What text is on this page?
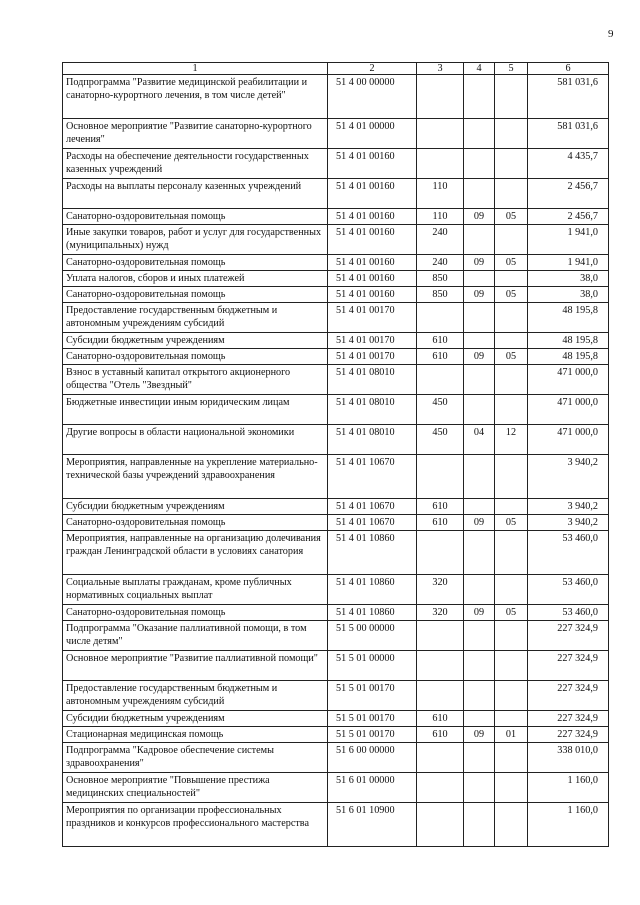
9
1	2	3	4	5	6
Подпрограмма "Развитие медицинской реабилитации и санаторно-курортного лечения, в том числе детей"	51 4 00 00000				581 031,6
Основное мероприятие "Развитие санаторно-курортного лечения"	51 4 01 00000				581 031,6
Расходы на обеспечение деятельности государственных казенных учреждений	51 4 01 00160				4 435,7
Расходы на выплаты персоналу казенных учреждений	51 4 01 00160	110			2 456,7
Санаторно-оздоровительная помощь	51 4 01 00160	110	09	05	2 456,7
Иные закупки товаров, работ и услуг для государственных (муниципальных) нужд	51 4 01 00160	240			1 941,0
Санаторно-оздоровительная помощь	51 4 01 00160	240	09	05	1 941,0
Уплата налогов, сборов и иных платежей	51 4 01 00160	850			38,0
Санаторно-оздоровительная помощь	51 4 01 00160	850	09	05	38,0
Предоставление государственным бюджетным и автономным учреждениям субсидий	51 4 01 00170				48 195,8
Субсидии бюджетным учреждениям	51 4 01 00170	610			48 195,8
Санаторно-оздоровительная помощь	51 4 01 00170	610	09	05	48 195,8
Взнос в уставный капитал открытого акционерного общества "Отель "Звездный"	51 4 01 08010				471 000,0
Бюджетные инвестиции иным юридическим лицам	51 4 01 08010	450			471 000,0
Другие вопросы в области национальной экономики	51 4 01 08010	450	04	12	471 000,0
Мероприятия, направленные на укрепление материально-технической базы учреждений здравоохранения	51 4 01 10670				3 940,2
Субсидии бюджетным учреждениям	51 4 01 10670	610			3 940,2
Санаторно-оздоровительная помощь	51 4 01 10670	610	09	05	3 940,2
Мероприятия, направленные на организацию долечивания граждан Ленинградской области в условиях санатория	51 4 01 10860				53 460,0
Социальные выплаты гражданам, кроме публичных нормативных социальных выплат	51 4 01 10860	320			53 460,0
Санаторно-оздоровительная помощь	51 4 01 10860	320	09	05	53 460,0
Подпрограмма "Оказание паллиативной помощи, в том числе детям"	51 5 00 00000				227 324,9
Основное мероприятие "Развитие паллиативной помощи"	51 5 01 00000				227 324,9
Предоставление государственным бюджетным и автономным учреждениям субсидий	51 5 01 00170				227 324,9
Субсидии бюджетным учреждениям	51 5 01 00170	610			227 324,9
Стационарная медицинская помощь	51 5 01 00170	610	09	01	227 324,9
Подпрограмма "Кадровое обеспечение системы здравоохранения"	51 6 00 00000				338 010,0
Основное мероприятие "Повышение престижа медицинских специальностей"	51 6 01 00000				1 160,0
Мероприятия по организации профессиональных праздников и конкурсов профессионального мастерства	51 6 01 10900				1 160,0
